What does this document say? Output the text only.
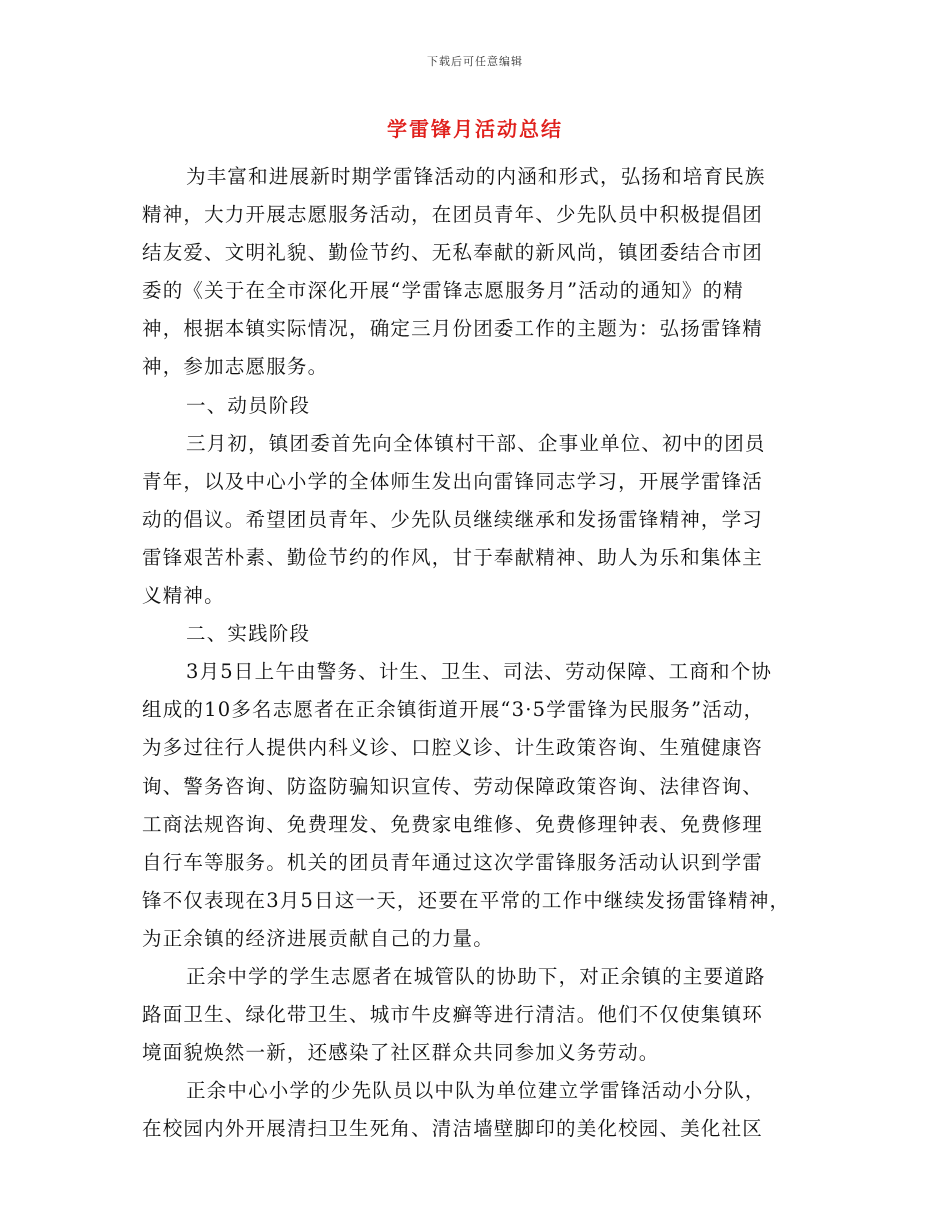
下载后可任意编辑
学雷锋月活动总结
为丰富和进展新时期学雷锋活动的内涵和形式，弘扬和培育民族
精神，大力开展志愿服务活动，在团员青年、少先队员中积极提倡团
结友爱、文明礼貌、勤俭节约、无私奉献的新风尚，镇团委结合市团
委的《关于在全市深化开展“学雷锋志愿服务月”活动的通知》的精
神，根据本镇实际情况，确定三月份团委工作的主题为：弘扬雷锋精
神，参加志愿服务。
一、动员阶段
三月初，镇团委首先向全体镇村干部、企事业单位、初中的团员
青年，以及中心小学的全体师生发出向雷锋同志学习，开展学雷锋活
动的倡议。希望团员青年、少先队员继续继承和发扬雷锋精神，学习
雷锋艰苦朴素、勤俭节约的作风，甘于奉献精神、助人为乐和集体主
义精神。
二、实践阶段
3月5日上午由警务、计生、卫生、司法、劳动保障、工商和个协
组成的10多名志愿者在正余镇街道开展“3·5学雷锋为民服务”活动，
为多过往行人提供内科义诊、口腔义诊、计生政策咨询、生殖健康咨
询、警务咨询、防盗防骗知识宣传、劳动保障政策咨询、法律咨询、
工商法规咨询、免费理发、免费家电维修、免费修理钟表、免费修理
自行车等服务。机关的团员青年通过这次学雷锋服务活动认识到学雷
锋不仅表现在3月5日这一天，还要在平常的工作中继续发扬雷锋精神，
为正余镇的经济进展贡献自己的力量。
正余中学的学生志愿者在城管队的协助下，对正余镇的主要道路
路面卫生、绿化带卫生、城市牛皮癣等进行清洁。他们不仅使集镇环
境面貌焕然一新，还感染了社区群众共同参加义务劳动。
正余中心小学的少先队员以中队为单位建立学雷锋活动小分队，
在校园内外开展清扫卫生死角、清洁墙壁脚印的美化校园、美化社区
